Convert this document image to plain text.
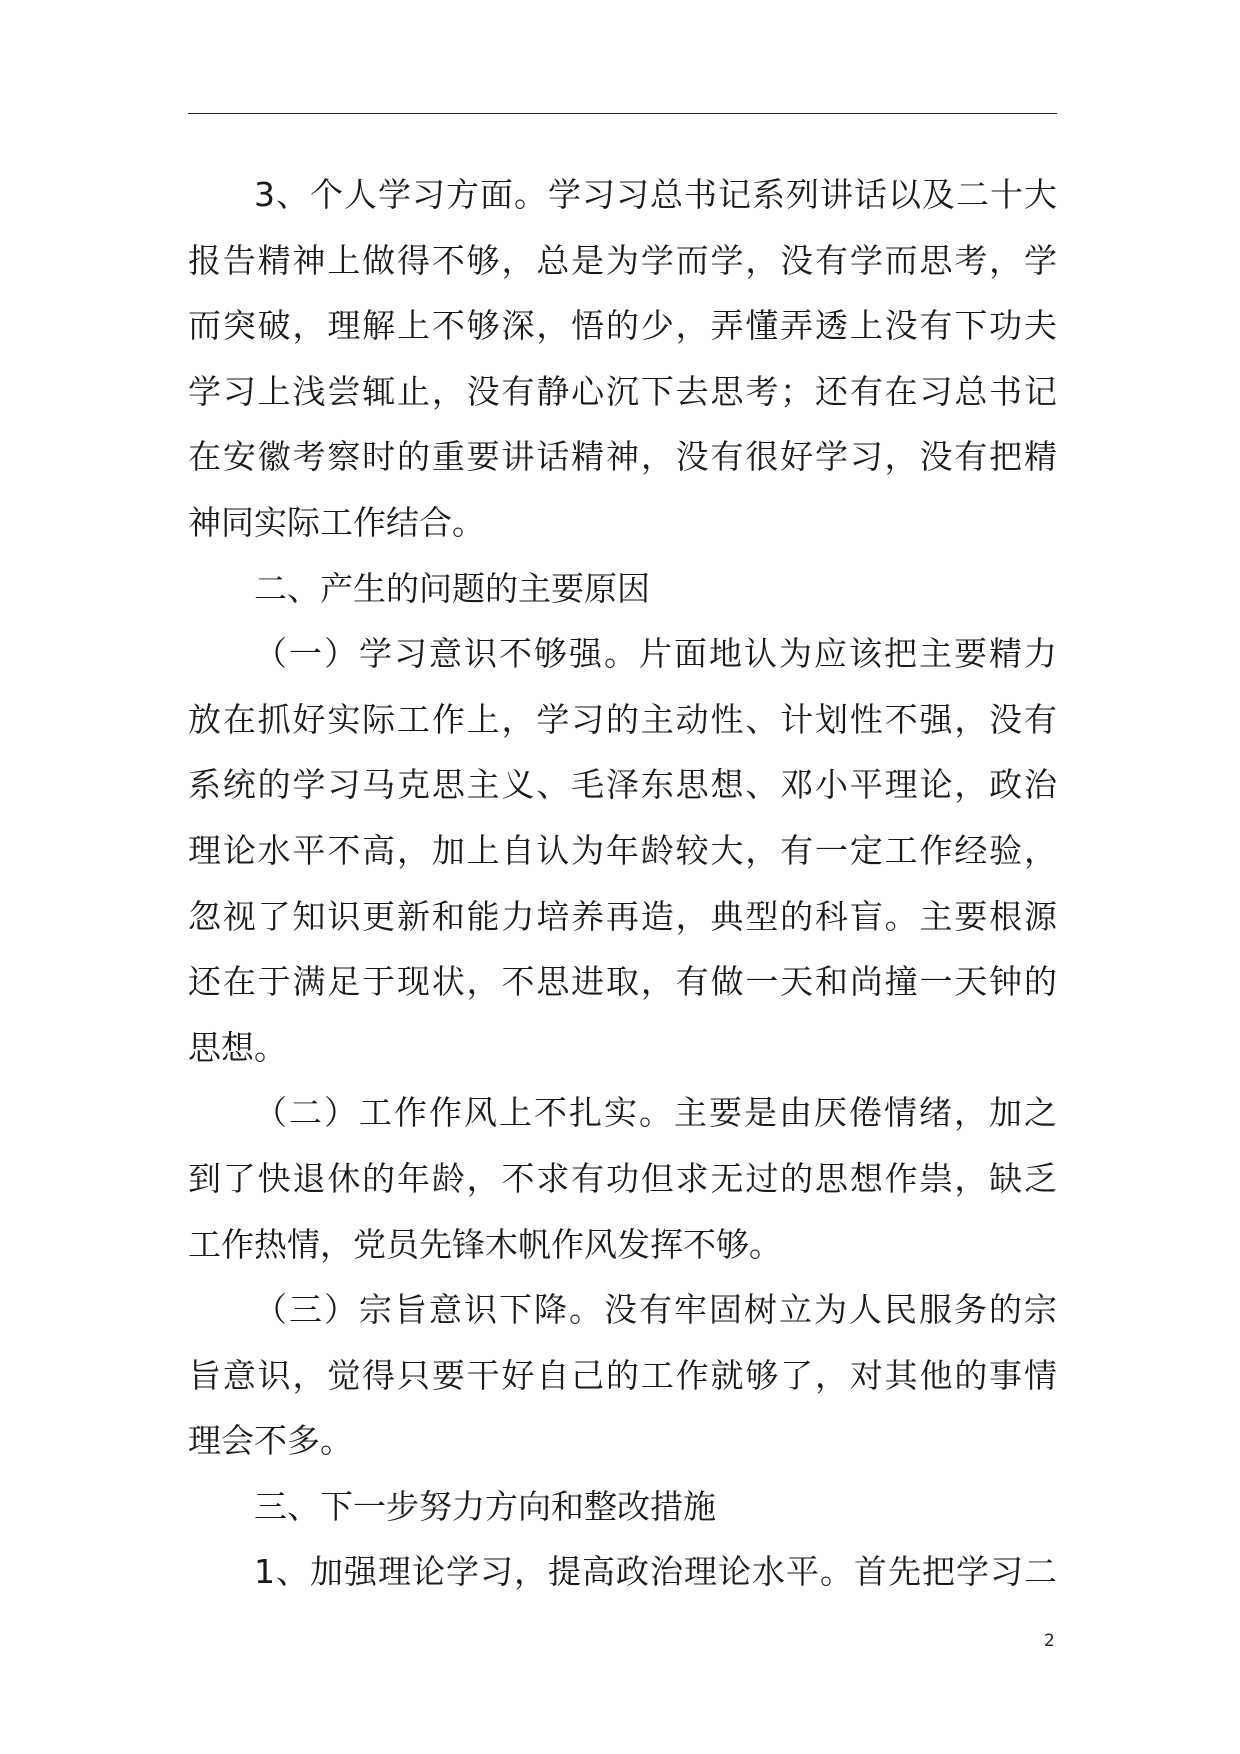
3、个人学习方面。学习习总书记系列讲话以及二十大
报告精神上做得不够，总是为学而学，没有学而思考，学
而突破，理解上不够深，悟的少，弄懂弄透上没有下功夫
学习上浅尝辄止，没有静心沉下去思考；还有在习总书记
在安徽考察时的重要讲话精神，没有很好学习，没有把精
神同实际工作结合。
二、产生的问题的主要原因
（一）学习意识不够强。片面地认为应该把主要精力
放在抓好实际工作上，学习的主动性、计划性不强，没有
系统的学习马克思主义、毛泽东思想、邓小平理论，政治
理论水平不高，加上自认为年龄较大，有一定工作经验，
忽视了知识更新和能力培养再造，典型的科盲。主要根源
还在于满足于现状，不思进取，有做一天和尚撞一天钟的
思想。
（二）工作作风上不扎实。主要是由厌倦情绪，加之
到了快退休的年龄，不求有功但求无过的思想作祟，缺乏
工作热情，党员先锋木帆作风发挥不够。
（三）宗旨意识下降。没有牢固树立为人民服务的宗
旨意识，觉得只要干好自己的工作就够了，对其他的事情
理会不多。
三、下一步努力方向和整改措施
1、加强理论学习，提高政治理论水平。首先把学习二
2
